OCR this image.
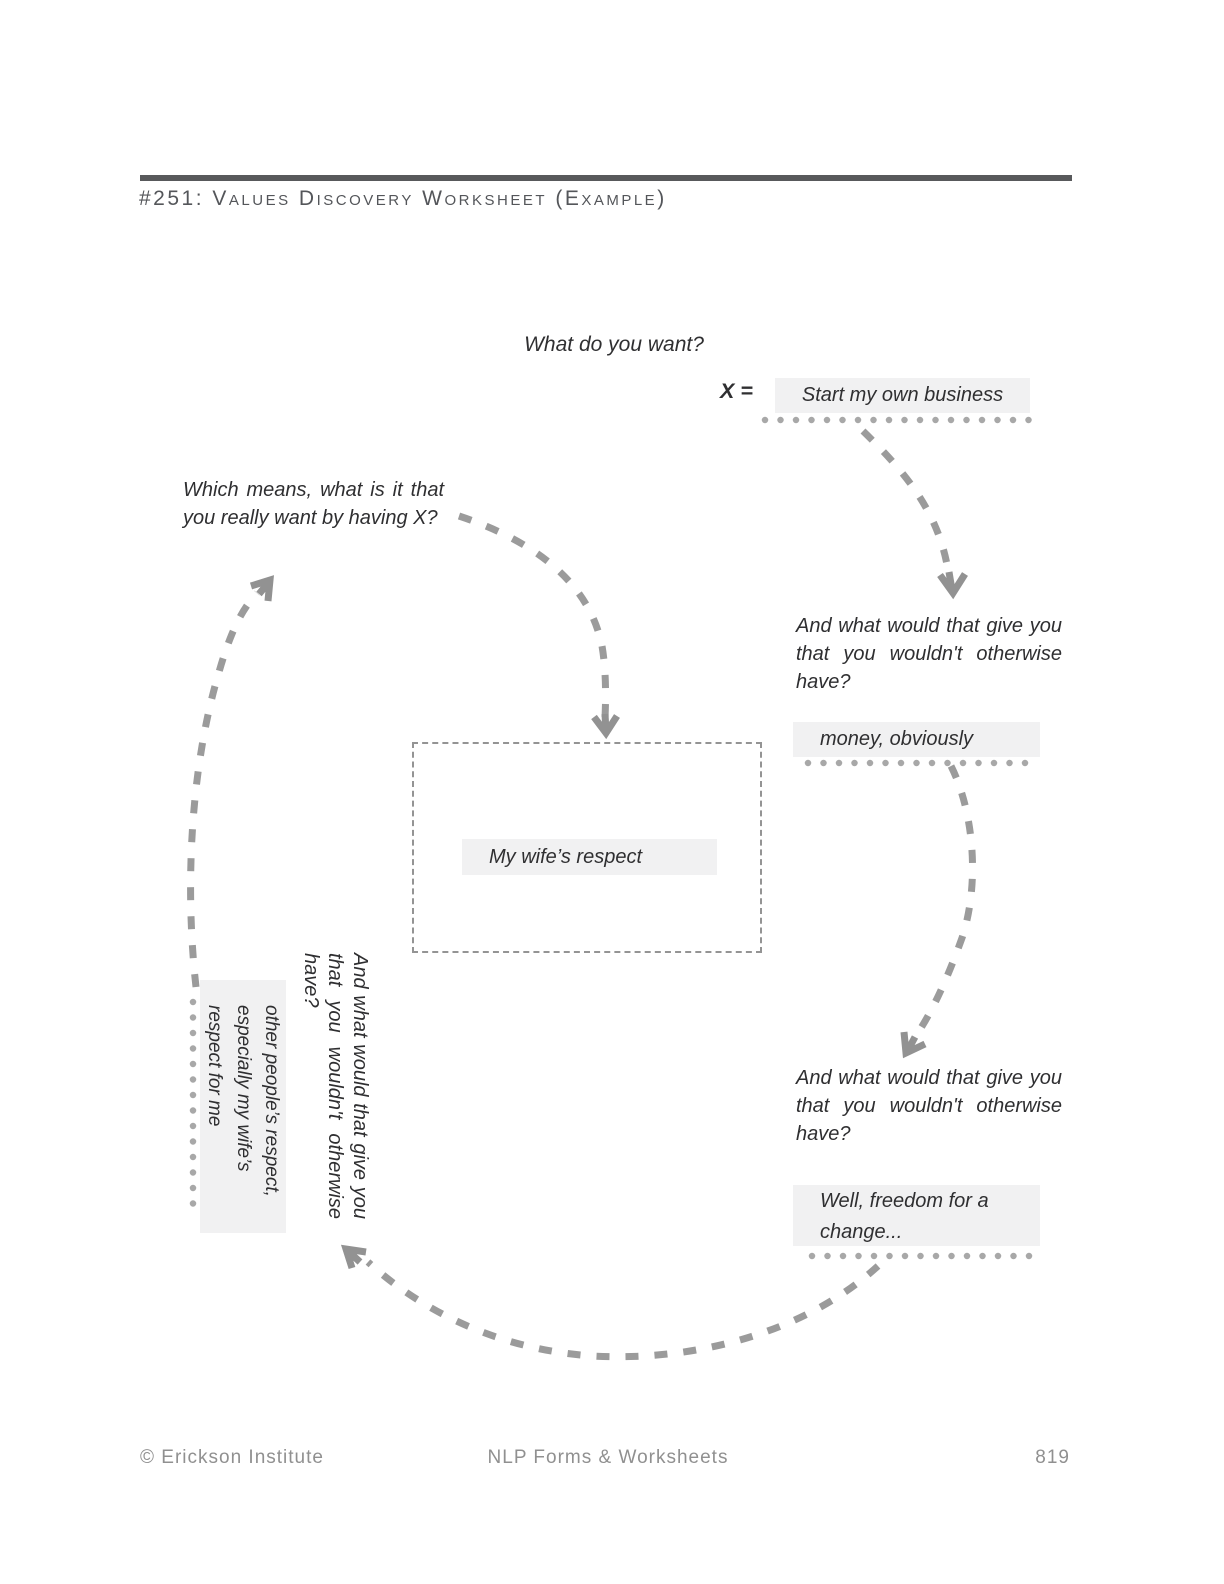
#251: Values Discovery Worksheet (Example)
What do you want?
X =	Start my own business
And what would that give you
that you wouldn't otherwise
have?
money, obviously
And what would that give you
that you wouldn't otherwise
have?
Well, freedom for a
change...
Which means, what is it that
you really want by having X?
My wife’s respect
And what would that give you
that you wouldn't otherwise
have?
other people’s respect,
especially my wife’s
respect for me
NLP Forms & Worksheets
© Erickson Institute	819
